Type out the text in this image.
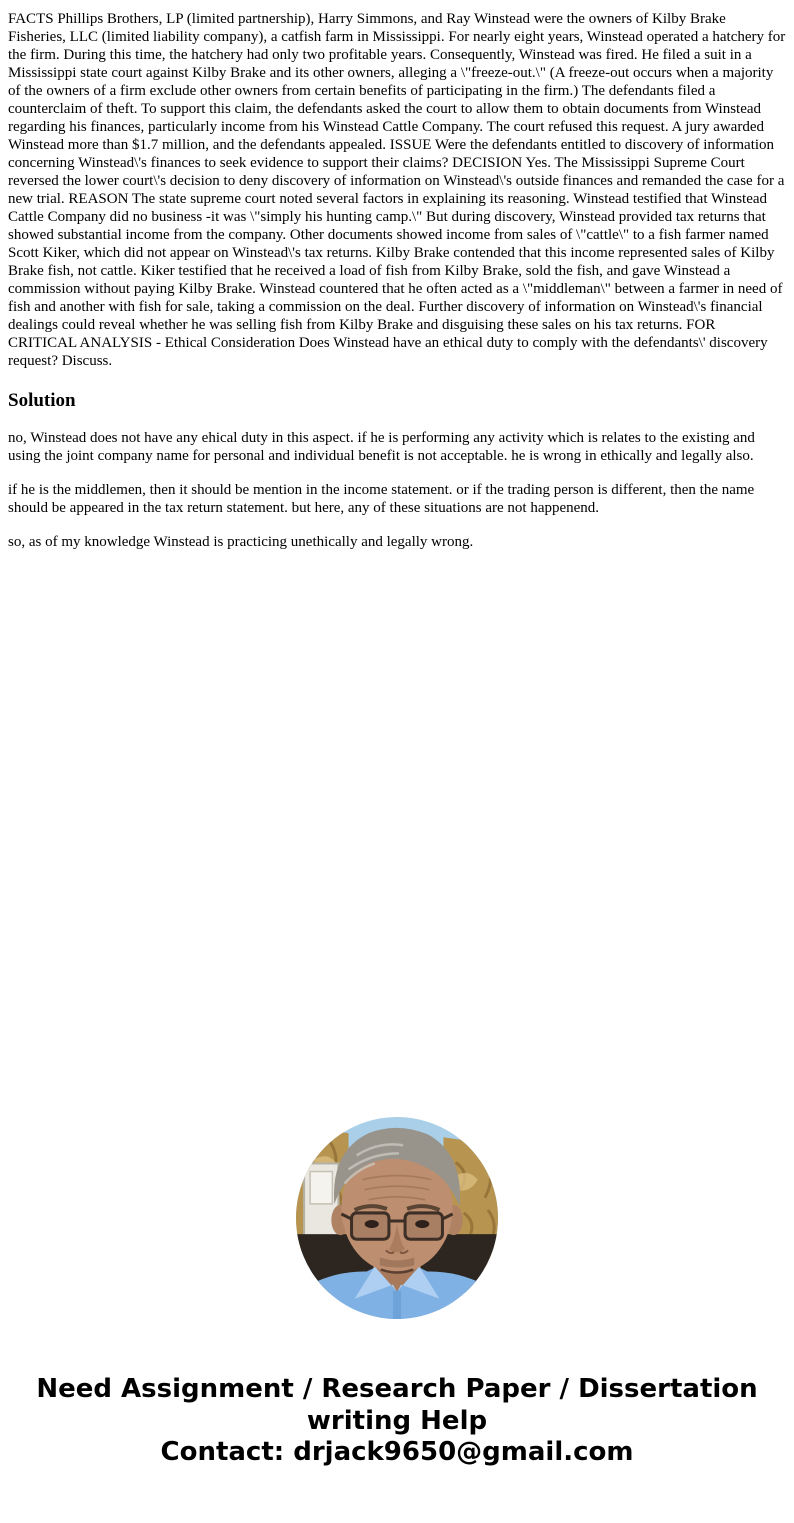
FACTS Phillips Brothers, LP (limited partnership), Harry Simmons, and Ray Winstead were the owners of Kilby Brake Fisheries, LLC (limited liability company), a catfish farm in Mississippi. For nearly eight years, Winstead operated a hatchery for the firm. During this time, the hatchery had only two profitable years. Consequently, Winstead was fired. He filed a suit in a Mississippi state court against Kilby Brake and its other owners, alleging a \"freeze-out.\" (A freeze-out occurs when a majority of the owners of a firm exclude other owners from certain benefits of participating in the firm.) The defendants filed a counterclaim of theft. To support this claim, the defendants asked the court to allow them to obtain documents from Winstead regarding his finances, particularly income from his Winstead Cattle Company. The court refused this request. A jury awarded Winstead more than $1.7 million, and the defendants appealed. ISSUE Were the defendants entitled to discovery of information concerning Winstead\'s finances to seek evidence to support their claims? DECISION Yes. The Mississippi Supreme Court reversed the lower court\'s decision to deny discovery of information on Winstead\'s outside finances and remanded the case for a new trial. REASON The state supreme court noted several factors in explaining its reasoning. Winstead testified that Winstead Cattle Company did no business -it was \"simply his hunting camp.\" But during discovery, Winstead provided tax returns that showed substantial income from the company. Other documents showed income from sales of \"cattle\" to a fish farmer named Scott Kiker, which did not appear on Winstead\'s tax returns. Kilby Brake contended that this income represented sales of Kilby Brake fish, not cattle. Kiker testified that he received a load of fish from Kilby Brake, sold the fish, and gave Winstead a commission without paying Kilby Brake. Winstead countered that he often acted as a \"middleman\" between a farmer in need of fish and another with fish for sale, taking a commission on the deal. Further discovery of information on Winstead\'s financial dealings could reveal whether he was selling fish from Kilby Brake and disguising these sales on his tax returns. FOR CRITICAL ANALYSIS - Ethical Consideration Does Winstead have an ethical duty to comply with the defendants\' discovery request? Discuss.

Solution

no, Winstead does not have any ehical duty in this aspect. if he is performing any activity which is relates to the existing and using the joint company name for personal and individual benefit is not acceptable. he is wrong in ethically and legally also.

if he is the middlemen, then it should be mention in the income statement. or if the trading person is different, then the name should be appeared in the tax return statement. but here, any of these situations are not happenend.

so, as of my knowledge Winstead is practicing unethically and legally wrong.

Need Assignment / Research Paper / Dissertation writing Help
Contact: drjack9650@gmail.com
